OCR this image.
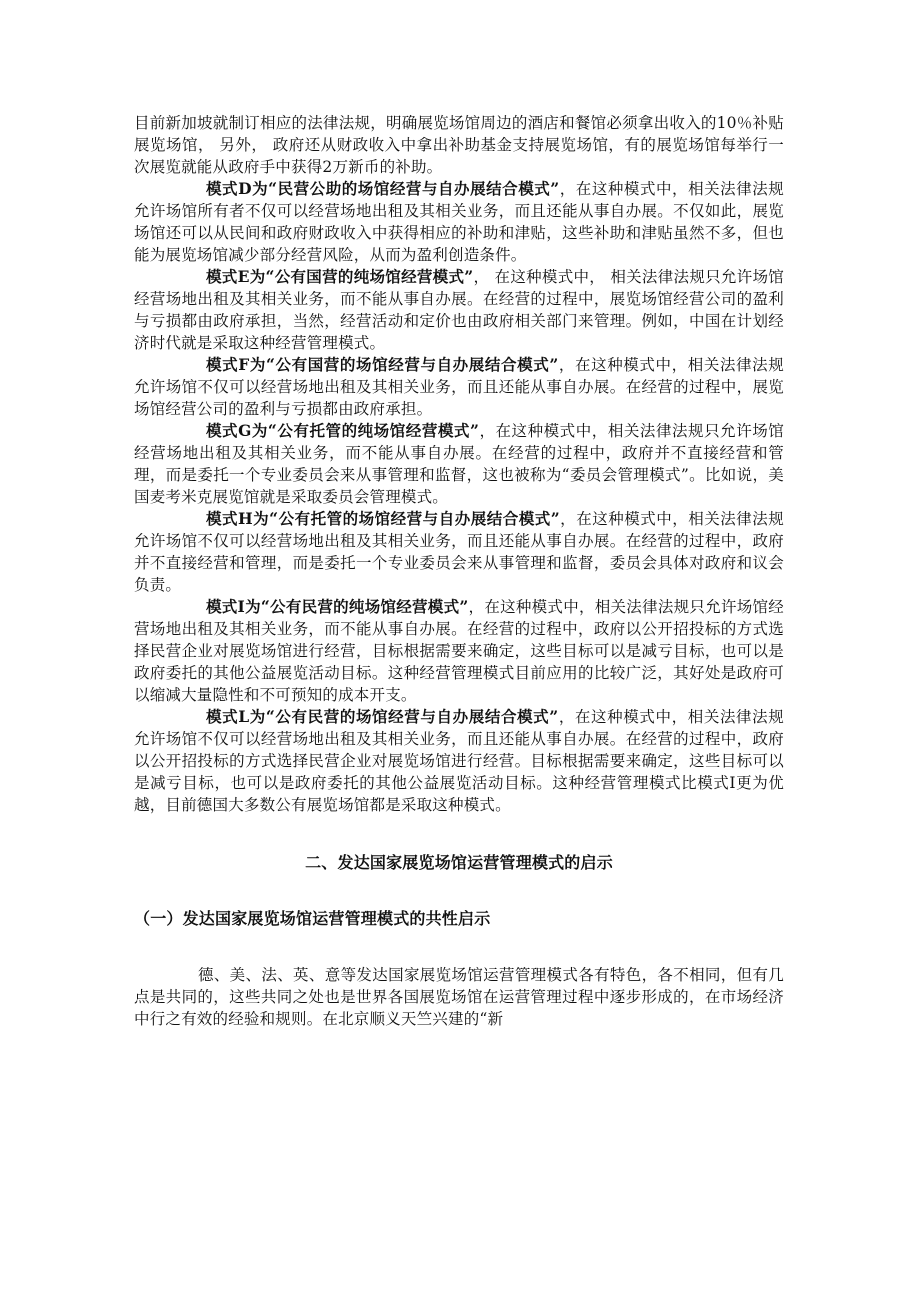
目前新加坡就制订相应的法律法规，明确展览场馆周边的酒店和餐馆必须拿出收入的10％补贴展览场馆， 另外， 政府还从财政收入中拿出补助基金支持展览场馆，有的展览场馆每举行一次展览就能从政府手中获得2万新币的补助。

模式D为“民营公助的场馆经营与自办展结合模式”，在这种模式中，相关法律法规允许场馆所有者不仅可以经营场地出租及其相关业务，而且还能从事自办展。不仅如此，展览场馆还可以从民间和政府财政收入中获得相应的补助和津贴，这些补助和津贴虽然不多，但也能为展览场馆减少部分经营风险，从而为盈利创造条件。

模式E为“公有国营的纯场馆经营模式”， 在这种模式中， 相关法律法规只允许场馆经营场地出租及其相关业务，而不能从事自办展。在经营的过程中，展览场馆经营公司的盈利与亏损都由政府承担，当然，经营活动和定价也由政府相关部门来管理。例如，中国在计划经济时代就是采取这种经营管理模式。

模式F为“公有国营的场馆经营与自办展结合模式”，在这种模式中，相关法律法规允许场馆不仅可以经营场地出租及其相关业务，而且还能从事自办展。在经营的过程中，展览场馆经营公司的盈利与亏损都由政府承担。

模式G为“公有托管的纯场馆经营模式”，在这种模式中，相关法律法规只允许场馆经营场地出租及其相关业务，而不能从事自办展。在经营的过程中，政府并不直接经营和管理，而是委托一个专业委员会来从事管理和监督，这也被称为“委员会管理模式”。比如说，美国麦考米克展览馆就是采取委员会管理模式。

模式H为“公有托管的场馆经营与自办展结合模式”，在这种模式中，相关法律法规允许场馆不仅可以经营场地出租及其相关业务，而且还能从事自办展。在经营的过程中，政府并不直接经营和管理，而是委托一个专业委员会来从事管理和监督，委员会具体对政府和议会负责。

模式I为“公有民营的纯场馆经营模式”，在这种模式中，相关法律法规只允许场馆经营场地出租及其相关业务，而不能从事自办展。在经营的过程中，政府以公开招投标的方式选择民营企业对展览场馆进行经营，目标根据需要来确定，这些目标可以是减亏目标，也可以是政府委托的其他公益展览活动目标。这种经营管理模式目前应用的比较广泛，其好处是政府可以缩减大量隐性和不可预知的成本开支。

模式L为“公有民营的场馆经营与自办展结合模式”，在这种模式中，相关法律法规允许场馆不仅可以经营场地出租及其相关业务，而且还能从事自办展。在经营的过程中，政府以公开招投标的方式选择民营企业对展览场馆进行经营。目标根据需要来确定，这些目标可以是减亏目标，也可以是政府委托的其他公益展览活动目标。这种经营管理模式比模式I更为优越，目前德国大多数公有展览场馆都是采取这种模式。

二、发达国家展览场馆运营管理模式的启示

（一）发达国家展览场馆运营管理模式的共性启示

德、美、法、英、意等发达国家展览场馆运营管理模式各有特色，各不相同，但有几点是共同的，这些共同之处也是世界各国展览场馆在运营管理过程中逐步形成的，在市场经济中行之有效的经验和规则。在北京顺义天竺兴建的“新
